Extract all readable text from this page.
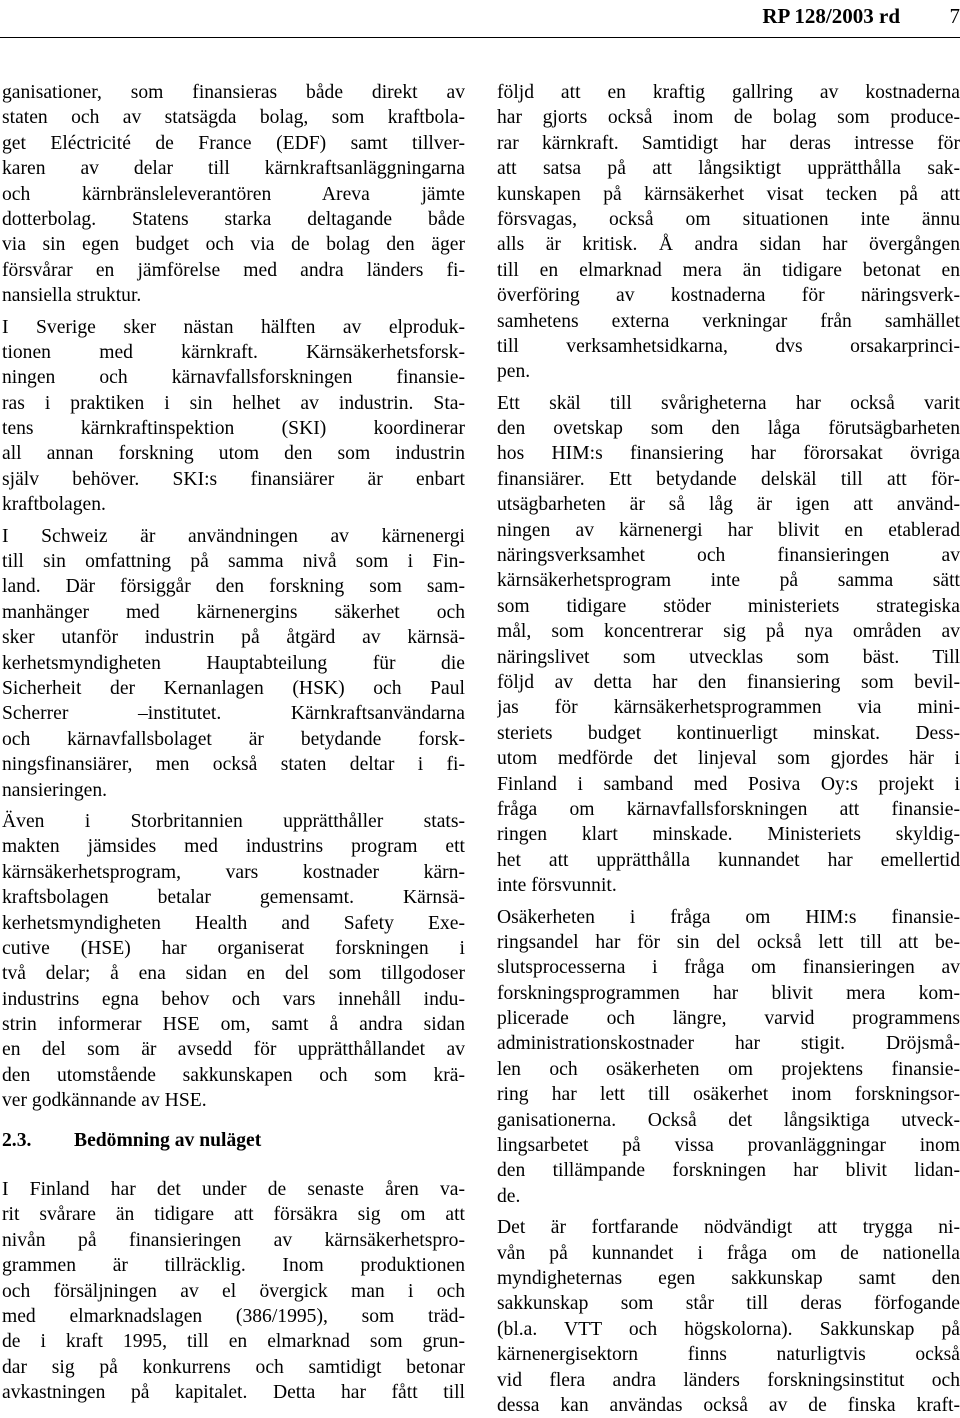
RP 128/2003 rd 7
ganisationer, som finansieras både direkt av
staten och av statsägda bolag, som kraftbola-
get Eléctricité de France (EDF) samt tillver-
karen av delar till kärnkraftsanläggningarna
och kärnbränsleleverantören Areva jämte
dotterbolag. Statens starka deltagande både
via sin egen budget och via de bolag den äger
försvårar en jämförelse med andra länders fi-
nansiella struktur.
I Sverige sker nästan hälften av elproduk-
tionen med kärnkraft. Kärnsäkerhetsforsk-
ningen och kärnavfallsforskningen finansie-
ras i praktiken i sin helhet av industrin. Sta-
tens kärnkraftinspektion (SKI) koordinerar
all annan forskning utom den som industrin
själv behöver. SKI:s finansiärer är enbart
kraftbolagen.
I Schweiz är användningen av kärnenergi
till sin omfattning på samma nivå som i Fin-
land. Där försiggår den forskning som sam-
manhänger med kärnenergins säkerhet och
sker utanför industrin på åtgärd av kärnsä-
kerhetsmyndigheten Hauptabteilung für die
Sicherheit der Kernanlagen (HSK) och Paul
Scherrer –institutet. Kärnkraftsanvändarna
och kärnavfallsbolaget är betydande forsk-
ningsfinansiärer, men också staten deltar i fi-
nansieringen.
Även i Storbritannien upprätthåller stats-
makten jämsides med industrins program ett
kärnsäkerhetsprogram, vars kostnader kärn-
kraftsbolagen betalar gemensamt. Kärnsä-
kerhetsmyndigheten Health and Safety Exe-
cutive (HSE) har organiserat forskningen i
två delar; å ena sidan en del som tillgodoser
industrins egna behov och vars innehåll indu-
strin informerar HSE om, samt å andra sidan
en del som är avsedd för upprätthållandet av
den utomstående sakkunskapen och som krä-
ver godkännande av HSE.
2.3.	Bedömning av nuläget
I Finland har det under de senaste åren va-
rit svårare än tidigare att försäkra sig om att
nivån på finansieringen av kärnsäkerhetspro-
grammen är tillräcklig. Inom produktionen
och försäljningen av el övergick man i och
med elmarknadslagen (386/1995), som träd-
de i kraft 1995, till en elmarknad som grun-
dar sig på konkurrens och samtidigt betonar
avkastningen på kapitalet. Detta har fått till
följd att en kraftig gallring av kostnaderna
har gjorts också inom de bolag som produce-
rar kärnkraft. Samtidigt har deras intresse för
att satsa på att långsiktigt upprätthålla sak-
kunskapen på kärnsäkerhet visat tecken på att
försvagas, också om situationen inte ännu
alls är kritisk. Å andra sidan har övergången
till en elmarknad mera än tidigare betonat en
överföring av kostnaderna för näringsverk-
samhetens externa verkningar från samhället
till verksamhetsidkarna, dvs orsakarprinci-
pen.
Ett skäl till svårigheterna har också varit
den ovetskap som den låga förutsägbarheten
hos HIM:s finansiering har förorsakat övriga
finansiärer. Ett betydande delskäl till att för-
utsägbarheten är så låg är igen att använd-
ningen av kärnenergi har blivit en etablerad
näringsverksamhet och finansieringen av
kärnsäkerhetsprogram inte på samma sätt
som tidigare stöder ministeriets strategiska
mål, som koncentrerar sig på nya områden av
näringslivet som utvecklas som bäst. Till
följd av detta har den finansiering som bevil-
jas för kärnsäkerhetsprogrammen via mini-
steriets budget kontinuerligt minskat. Dess-
utom medförde det linjeval som gjordes här i
Finland i samband med Posiva Oy:s projekt i
fråga om kärnavfallsforskningen att finansie-
ringen klart minskade. Ministeriets skyldig-
het att upprätthålla kunnandet har emellertid
inte försvunnit.
Osäkerheten i fråga om HIM:s finansie-
ringsandel har för sin del också lett till att be-
slutsprocesserna i fråga om finansieringen av
forskningsprogrammen har blivit mera kom-
plicerade och längre, varvid programmens
administrationskostnader har stigit. Dröjsmå-
len och osäkerheten om projektens finansie-
ring har lett till osäkerhet inom forskningsor-
ganisationerna. Också det långsiktiga utveck-
lingsarbetet på vissa provanläggningar inom
den tillämpande forskningen har blivit lidan-
de.
Det är fortfarande nödvändigt att trygga ni-
vån på kunnandet i fråga om de nationella
myndigheternas egen sakkunskap samt den
sakkunskap som står till deras förfogande
(bl.a. VTT och högskolorna). Sakkunskap på
kärnenergisektorn finns naturligtvis också
vid flera andra länders forskningsinstitut och
dessa kan användas också av de finska kraft-
